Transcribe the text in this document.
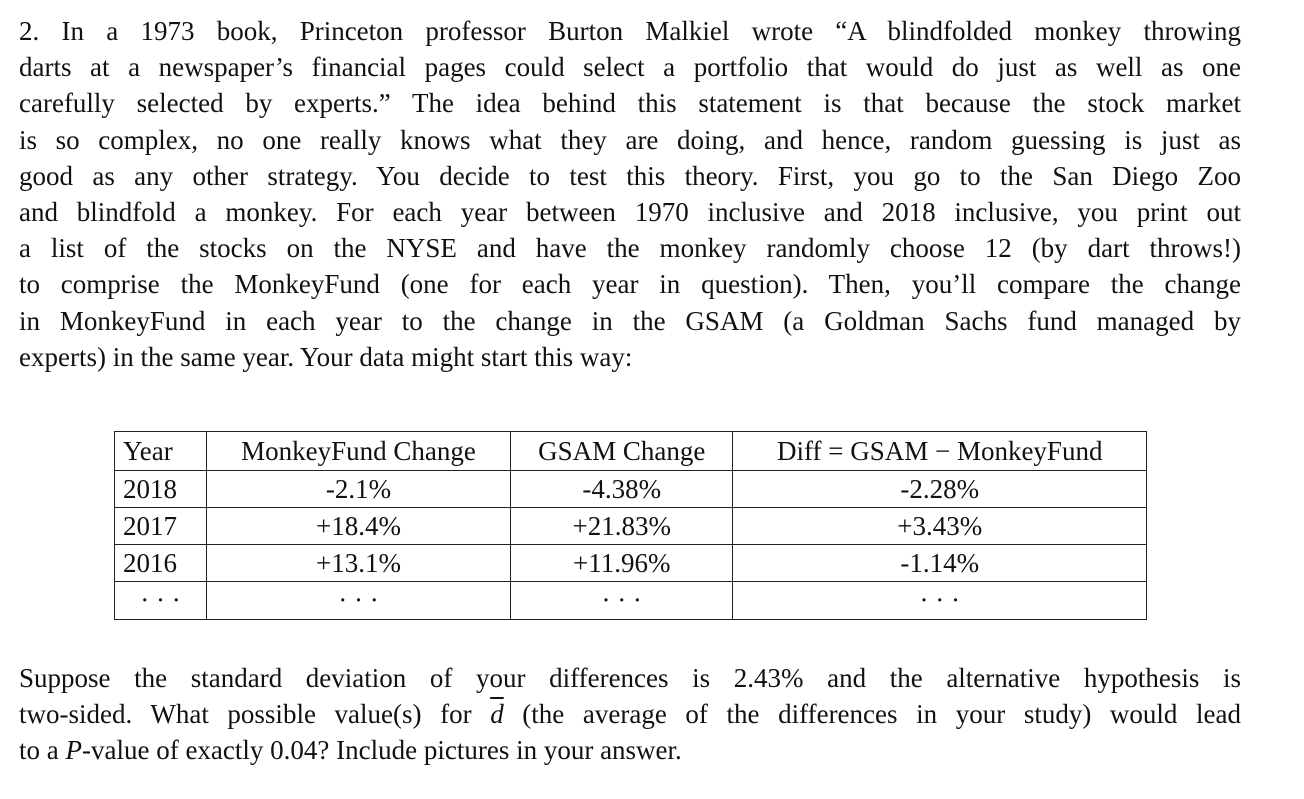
2. In a 1973 book, Princeton professor Burton Malkiel wrote “A blindfolded monkey throwing
darts at a newspaper’s financial pages could select a portfolio that would do just as well as one
carefully selected by experts.” The idea behind this statement is that because the stock market
is so complex, no one really knows what they are doing, and hence, random guessing is just as
good as any other strategy. You decide to test this theory. First, you go to the San Diego Zoo
and blindfold a monkey. For each year between 1970 inclusive and 2018 inclusive, you print out
a list of the stocks on the NYSE and have the monkey randomly choose 12 (by dart throws!)
to comprise the MonkeyFund (one for each year in question). Then, you’ll compare the change
in MonkeyFund in each year to the change in the GSAM (a Goldman Sachs fund managed by
experts) in the same year. Your data might start this way:
Year	MonkeyFund Change	GSAM Change	Diff = GSAM − MonkeyFund
2018	-2.1%	-4.38%	-2.28%
2017	+18.4%	+21.83%	+3.43%
2016	+13.1%	+11.96%	-1.14%
· · ·	· · ·	· · ·	· · ·
Suppose the standard deviation of your differences is 2.43% and the alternative hypothesis is
two-sided. What possible value(s) for $\overline{d}$ (the average of the differences in your study) would lead
to a P-value of exactly 0.04? Include pictures in your answer.
